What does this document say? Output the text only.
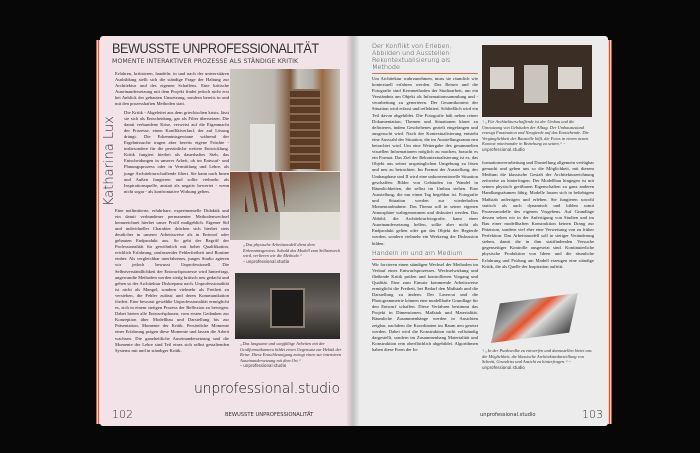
BEWUSSTE UNPROFESSIONALITÄT
MOMENTE INTERAKTIVER PROZESSE ALS STÄNDIGE KRITIK
Erfahren, kritisieren, handeln: in und nach der universitären Ausbildung stellt sich die ständige Frage der Haltung zur Architektur und des eigenen Schaffens. Eine kritische Auseinandersetzung mit dem Projekt findet jedoch nicht erst bei Anblick der gebauten Umsetzung, sondern bereits in und mit den prozesshaften Methoden statt.
Katharina Lux
Die Kritik - Abgeleitet aus dem griechischen krisis, lässt sie sich als Entscheidung, gar als Filter übersetzen. Die damit verbundene Krise, verweist auf die Eigenmacht der Prozesse, einen Konfliktverlauf, der auf Lösung drängt. Die Erkenntnisgewinne während der Ergebnissuche tragen aber bereits eigene Früchte - insbesondere für die persönliche weitere Entwicklung. Kritik fungiert hierbei als dauerhaftes Sieb, das Entscheidungen in unserer Arbeit, ob im Entwurf- und Planungsprozess oder in Vermittlung und Lehre, als junge Architekturschaffende filtert. Sie kann nach Innen und Außen fungieren und sollte vielmehr als Inspirationsquelle, anstatt als negativ bewertet - wenn nicht sogar - als konfrontative Wirkung gelten.
Eine notlimitierte, erfahrbare, experimentelle Didaktik und ein damit verbundener permanenter Methodenwechsel kennzeichnet hierbei unser Profil maßgeblich. Eigener Stil und individueller Charakter drücken sich hierbei stets deutlicher in unserer Arbeitsweise als in Entwurf oder gebauten Endprodukt aus. So geht der Begriff der Professionalität für gewöhnlich mit hoher Qualifikation, reichlich Erfahrung, umfassender Fehlerfreiheit und Routine einher. Als vergleichbar unerfahrenes, junges Studio agieren wir jedoch bewusst Unprofessionell. Die Selbstverständlichkeit der Entwurfsprozesse wird hinterfragt, angewandte Methoden werden stetig kritisch neu gedacht und gehen so der Architektur Diskrepanz nach. Unprofessionalität ist nicht als Mangel, sondern vielmehr als Freiheit zu verstehen, die Fehler zulässt und deren Kommunikation fördert. Eine bewusst gewählte Unprofessionalität ermöglicht es, sich in einem stetigen Prozess der Reflexion zu bewegen. Dabei bieten alle Entwurfsphasen, vom ersten Gedanken zur Konzeption über Modellbau und Darstellung bis zur Präsentation, Momente der Kritik. Persönliche Momente einer Erfahrung prägen diese Momente und lassen die Arbeit wachsen. Die ganzheitliche Auseinandersetzung und die Momente der Lehre sind Teil eines sich selbst gestaltenden Systems mit und in ständiger Kritik.
„Das physische Arbeitsmodell dient dem Erkenntnisgewinn. Sobald das Modell zum Selbstzweck wird, verlieren wir die Methode.“
– unprofessional.studio
„Das langsame und sorgfältige Arbeiten mit der Großformatkamera bildet einen Gegensatz zur Hektik der Reise. Diese Entschleunigung zwingt einen zur intensiven Auseinandersetzung mit dem Ort.“
– unprofessional.studio
unprofessional.studio
102	BEWUSSTE UNPROFESSIONALITÄT
Der Konflikt von Erleben, Abbilden und Ausstellen: Rekontextualisierung als Methode
Um Architektur wahrzunehmen, muss sie räumlich wie kontextuell erfahren werden. Das Reisen und die Fotografie sind Kernmethoden der Studioarbeit, um ein Verständnis am Objekt als Informationssammlung und -verarbeitung zu generieren. Der Gesamtkontext der Situation wird erfasst und reflektiert. Schließlich wird ein Teil davon abgebildet. Die Fotografie hält neben reiner Dokumentation, Themen und Situationen klarer zu definieren, indem Geschehenes gezielt eingefangen und ausgesucht wird. Nach der Kontextualisierung entsteht eine Auswahl der Situation, die im Ausstellungsraum neu betrachtet wird. Um eine Weitergabe des gesammelten visuellen Informationen möglich zu machen, braucht es ein Format. Das Ziel der Rekontextualisierung ist es, das Objekt aus seiner ursprünglichen Umgebung zu lösen und neu zu betrachten. Im Format der Ausstellung, der Umbauphase und II wird eine unkonventionelle Situation geschaffen: Bilder von Gebäuden im Wandel in Räumlichkeiten, die selbst im Umbau stehen. Eine Ausstellung, die nur einen Tag begehbar ist. Fotografie und Situation werden zur wiederholten Momentaufnahme. Das Thema soll in seiner eigenen Atmosphäre wahrgenommen und diskutiert werden. Das Abbild, die Architekturfotografie, kann einer Auseinandersetzung helfen, sollte aber nicht als Endprodukt gelten oder gar das Objekt der Begierde werden, sondern vielmehr ein Werkzeug der Diskussion bilden.
Handeln im und am Medium
Wir forcieren einen ständigen Wechsel der Methoden im Verlauf eines Entwurfsprozesses. Wechselwirkung und fließende Kritik prüfen und kontrollieren Vorgang und Qualität. Eine zum Einsatz kommende Arbeitsweise ermöglicht die Freiheit, bei Bedarf den Maßstab und die Darstellung zu ändern. Der Lasercut und die Photogrammetrie können eine modellhafte Grundlage für den Entwurf schaffen. Diese Verfahren bestimmt das Projekt in Dimensionen, Maßstab und Materialität. Räumliche Zusammenhänge werden in Ansichten zeigbar, nachdem die Koordinaten im Raum neu gesetzt werden. Dabei wird die Konstruktion nicht vollständig dargestellt, sondern im Zusammenhang Materialität und Konstruktion rein oberflächlich abgebildet. Algorithmen haben diese Form der In-
↑ „Für Architekturschaffende ist der Umbau und die Umnutzung von Gebäuden der Alltag. Der Umbauzustand erzeugt Faszination und Neugierde auf das Entstehende. Die Vergänglichkeit der Baustelle hilft, die Fotos in einem neuen Kontext miteinander in Beziehung zu setzen.“ – unprofessional.studio
formationsverarbeitung und Darstellung allgemein verfügbar gemacht und geben uns so die Möglichkeit, mit diesem Medium die klassische Gestalt der Architekturzeichnung zeitweise zu hinterfragen. Der Modellbau hingegen ist mit seinen physisch greifbaren Eigenschaften zu ganz anderen Handlungsräumen fähig. Modelle lassen sich in beliebigem Maßstab anfertigen und erleben. Sie fungieren sowohl statisch als auch dynamisch und bilden somit Prozessmodelle des eigenen Vorgehens. Auf Grundlage dessen sehen wir in der Anfertigung von Studien und im Bau einer modellhaften Konstruktion keinen Drang zur Präzision, sondern viel eher eine Verweisung von zu früher Perfektion. Das Arbeitsmodell soll in stetiger Veränderung stehen, damit die in ihm stattfindenden Versuche gegenseitiger Kontrolle ausgesetzt sind. Kontinuierliche physische Produktion von Ideen und die räumliche Erfahrung und Prüfung am Modell erzeugen eine ständige Kritik, die als Quelle der Inspiration auftritt.
↑ „In der Punktwolke zu entwerfen und darzustellen bietet uns die Möglichkeit, die klassische Architekturdarstellung von Schnitt, Grundriss und Ansicht zu hinterfragen.“ – unprofessional.studio
unprofessional.studio	103
